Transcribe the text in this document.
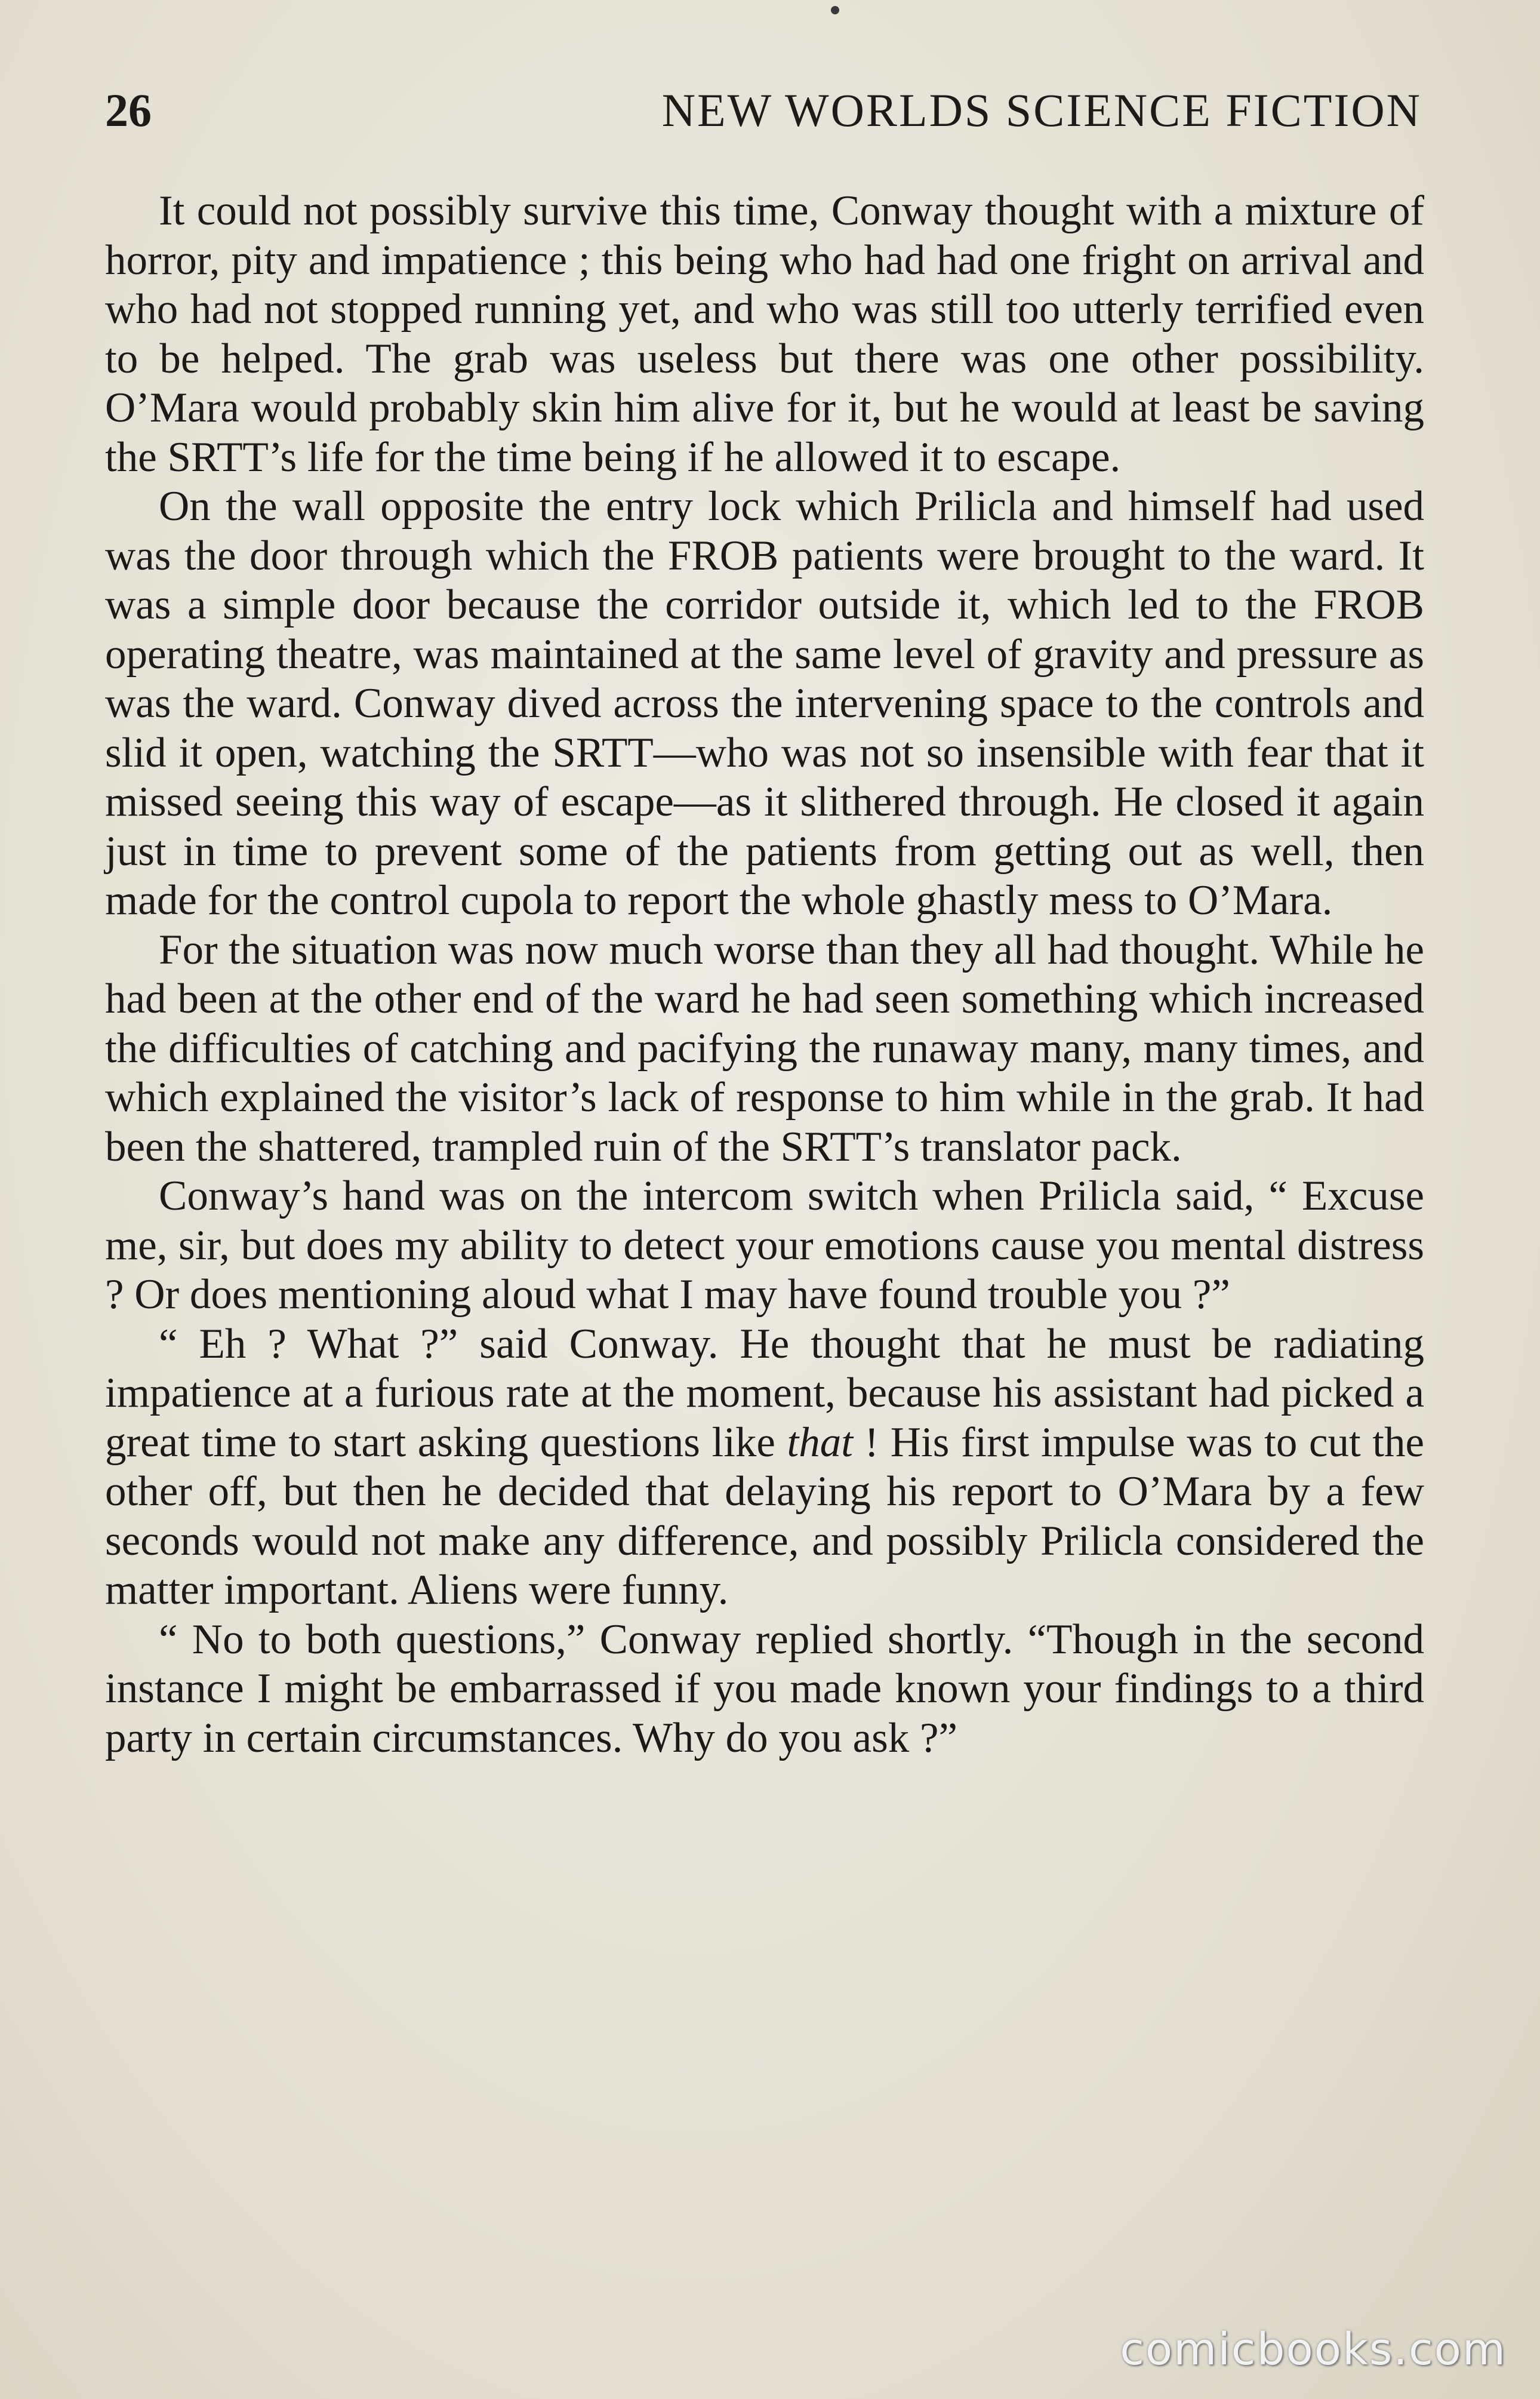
26	NEW WORLDS SCIENCE FICTION

It could not possibly survive this time, Conway thought with a mixture of horror, pity and impatience ; this being who had had one fright on arrival and who had not stopped running yet, and who was still too utterly terrified even to be helped. The grab was useless but there was one other possibility. O’Mara would probably skin him alive for it, but he would at least be saving the SRTT’s life for the time being if he allowed it to escape.

On the wall opposite the entry lock which Prilicla and himself had used was the door through which the FROB patients were brought to the ward. It was a simple door because the corridor outside it, which led to the FROB operating theatre, was maintained at the same level of gravity and pressure as was the ward. Conway dived across the intervening space to the controls and slid it open, watching the SRTT—who was not so insensible with fear that it missed seeing this way of escape—as it slithered through. He closed it again just in time to prevent some of the patients from getting out as well, then made for the control cupola to report the whole ghastly mess to O’Mara.

For the situation was now much worse than they all had thought. While he had been at the other end of the ward he had seen something which increased the difficulties of catching and pacifying the runaway many, many times, and which explained the visitor’s lack of response to him while in the grab. It had been the shattered, trampled ruin of the SRTT’s translator pack.

Conway’s hand was on the intercom switch when Prilicla said, “ Excuse me, sir, but does my ability to detect your emotions cause you mental distress ? Or does mentioning aloud what I may have found trouble you ?”

“ Eh ? What ?” said Conway. He thought that he must be radiating impatience at a furious rate at the moment, because his assistant had picked a great time to start asking questions like that ! His first impulse was to cut the other off, but then he decided that delaying his report to O’Mara by a few seconds would not make any difference, and possibly Prilicla considered the matter important. Aliens were funny.

“ No to both questions,” Conway replied shortly. “Though in the second instance I might be embarrassed if you made known your findings to a third party in certain circumstances. Why do you ask ?”

comicbooks.com
